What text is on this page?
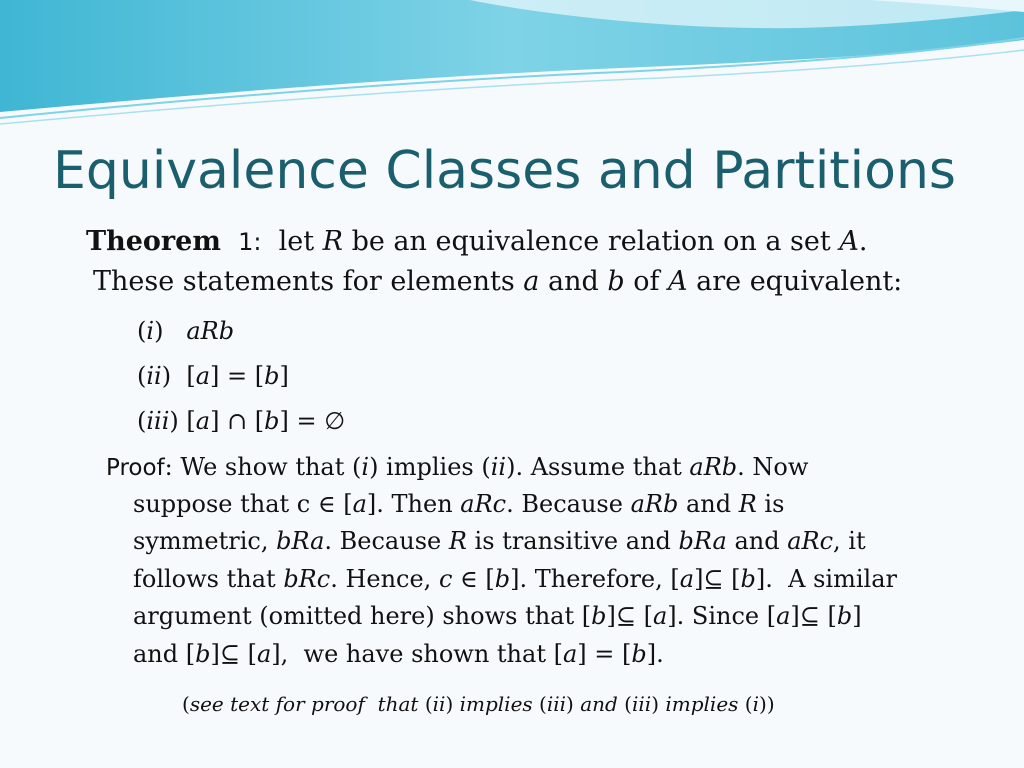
Equivalence Classes and Partitions
Theorem 1: let R be an equivalence relation on a set A.
These statements for elements a and b of A are equivalent:
(i)   aRb
(ii)  [a] = [b]
(iii) [a] ∩ [b] = ∅
Proof: We show that (i) implies (ii). Assume that aRb. Now
suppose that c ∈ [a]. Then aRc. Because aRb and R is
symmetric, bRa. Because R is transitive and bRa and aRc, it
follows that bRc. Hence, c ∈ [b]. Therefore, [a]⊆ [b].  A similar
argument (omitted here) shows that [b]⊆ [a]. Since [a]⊆ [b]
and [b]⊆ [a],  we have shown that [a] = [b].
(see text for proof  that (ii) implies (iii) and (iii) implies (i))
